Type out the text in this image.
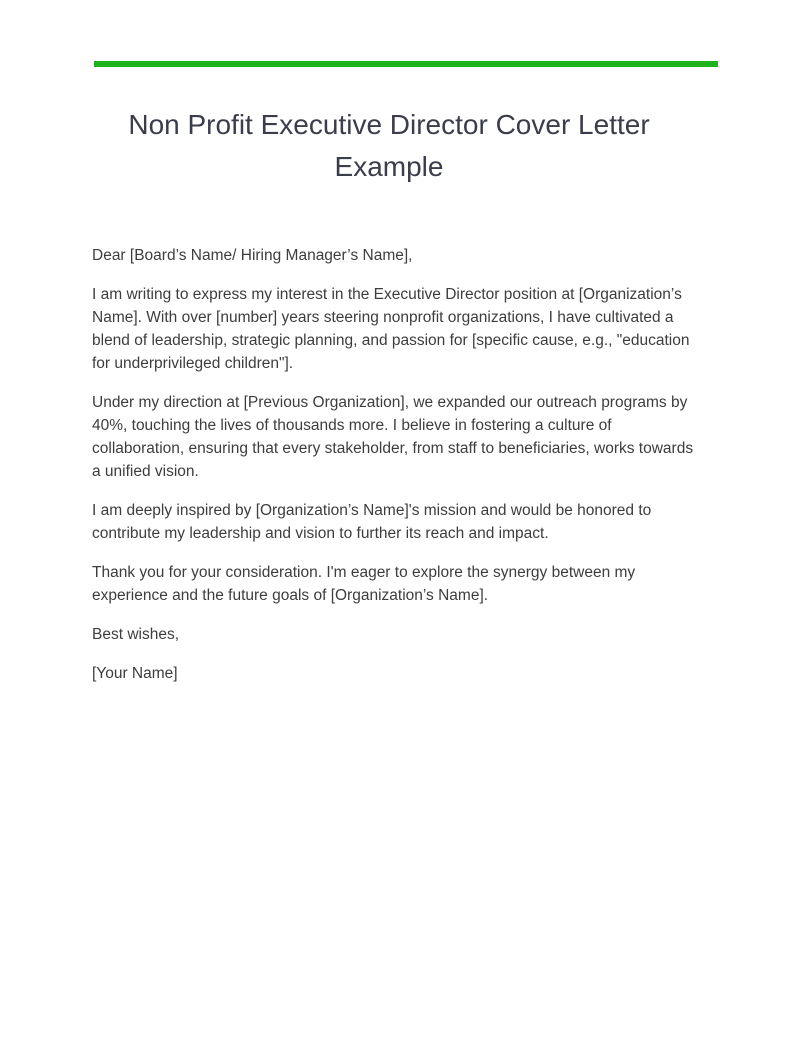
Non Profit Executive Director Cover Letter Example

Dear [Board’s Name/ Hiring Manager’s Name],

I am writing to express my interest in the Executive Director position at [Organization’s Name]. With over [number] years steering nonprofit organizations, I have cultivated a blend of leadership, strategic planning, and passion for [specific cause, e.g., "education for underprivileged children"].

Under my direction at [Previous Organization], we expanded our outreach programs by 40%, touching the lives of thousands more. I believe in fostering a culture of collaboration, ensuring that every stakeholder, from staff to beneficiaries, works towards a unified vision.

I am deeply inspired by [Organization’s Name]'s mission and would be honored to contribute my leadership and vision to further its reach and impact.

Thank you for your consideration. I'm eager to explore the synergy between my experience and the future goals of [Organization’s Name].

Best wishes,

[Your Name]
